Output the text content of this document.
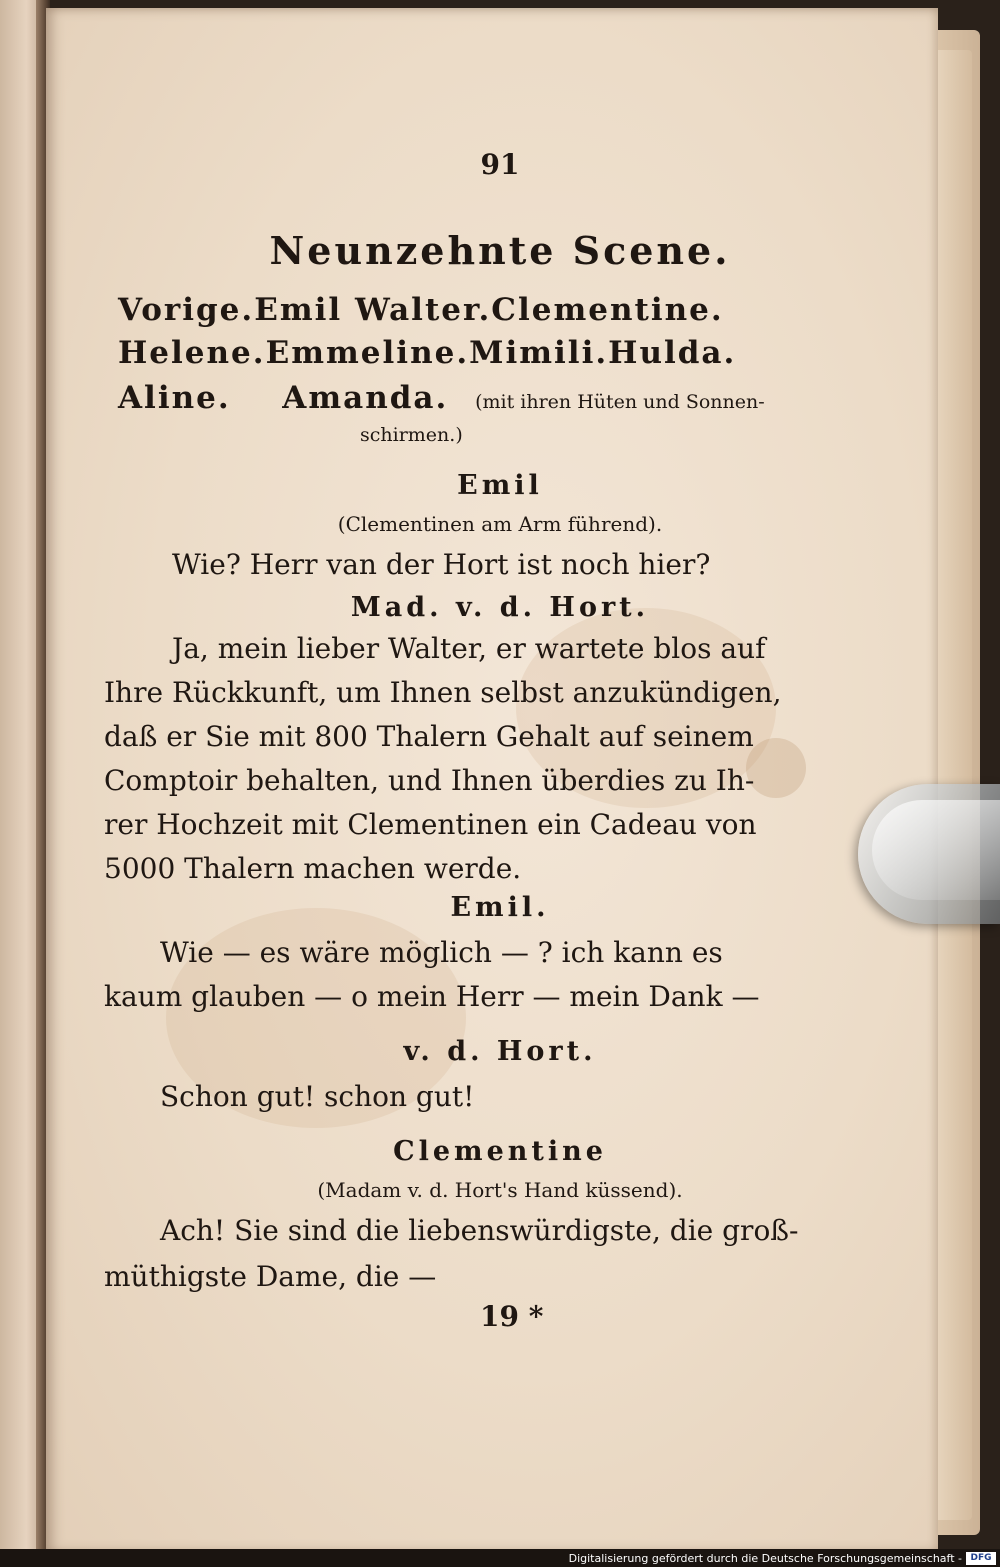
91
Neunzehnte Scene.
Vorige. Emil Walter. Clementine.
Helene. Emmeline. Mimili. Hulda.
Aline. Amanda. (mit ihren Hüten und Sonnen-
schirmen.)
Emil
(Clementinen am Arm führend).
Wie? Herr van der Hort ist noch hier?
Mad. v. d. Hort.
Ja, mein lieber Walter, er wartete blos auf
Ihre Rückkunft, um Ihnen selbst anzukündigen,
daß er Sie mit 800 Thalern Gehalt auf seinem
Comptoir behalten, und Ihnen überdies zu Ih-
rer Hochzeit mit Clementinen ein Cadeau von
5000 Thalern machen werde.
Emil.
Wie — es wäre möglich — ? ich kann es
kaum glauben — o mein Herr — mein Dank —
v. d. Hort.
Schon gut! schon gut!
Clementine
(Madam v. d. Hort's Hand küssend).
Ach! Sie sind die liebenswürdigste, die groß-
müthigste Dame, die —
19 *
Digitalisierung gefördert durch die Deutsche Forschungsgemeinschaft - DFG
